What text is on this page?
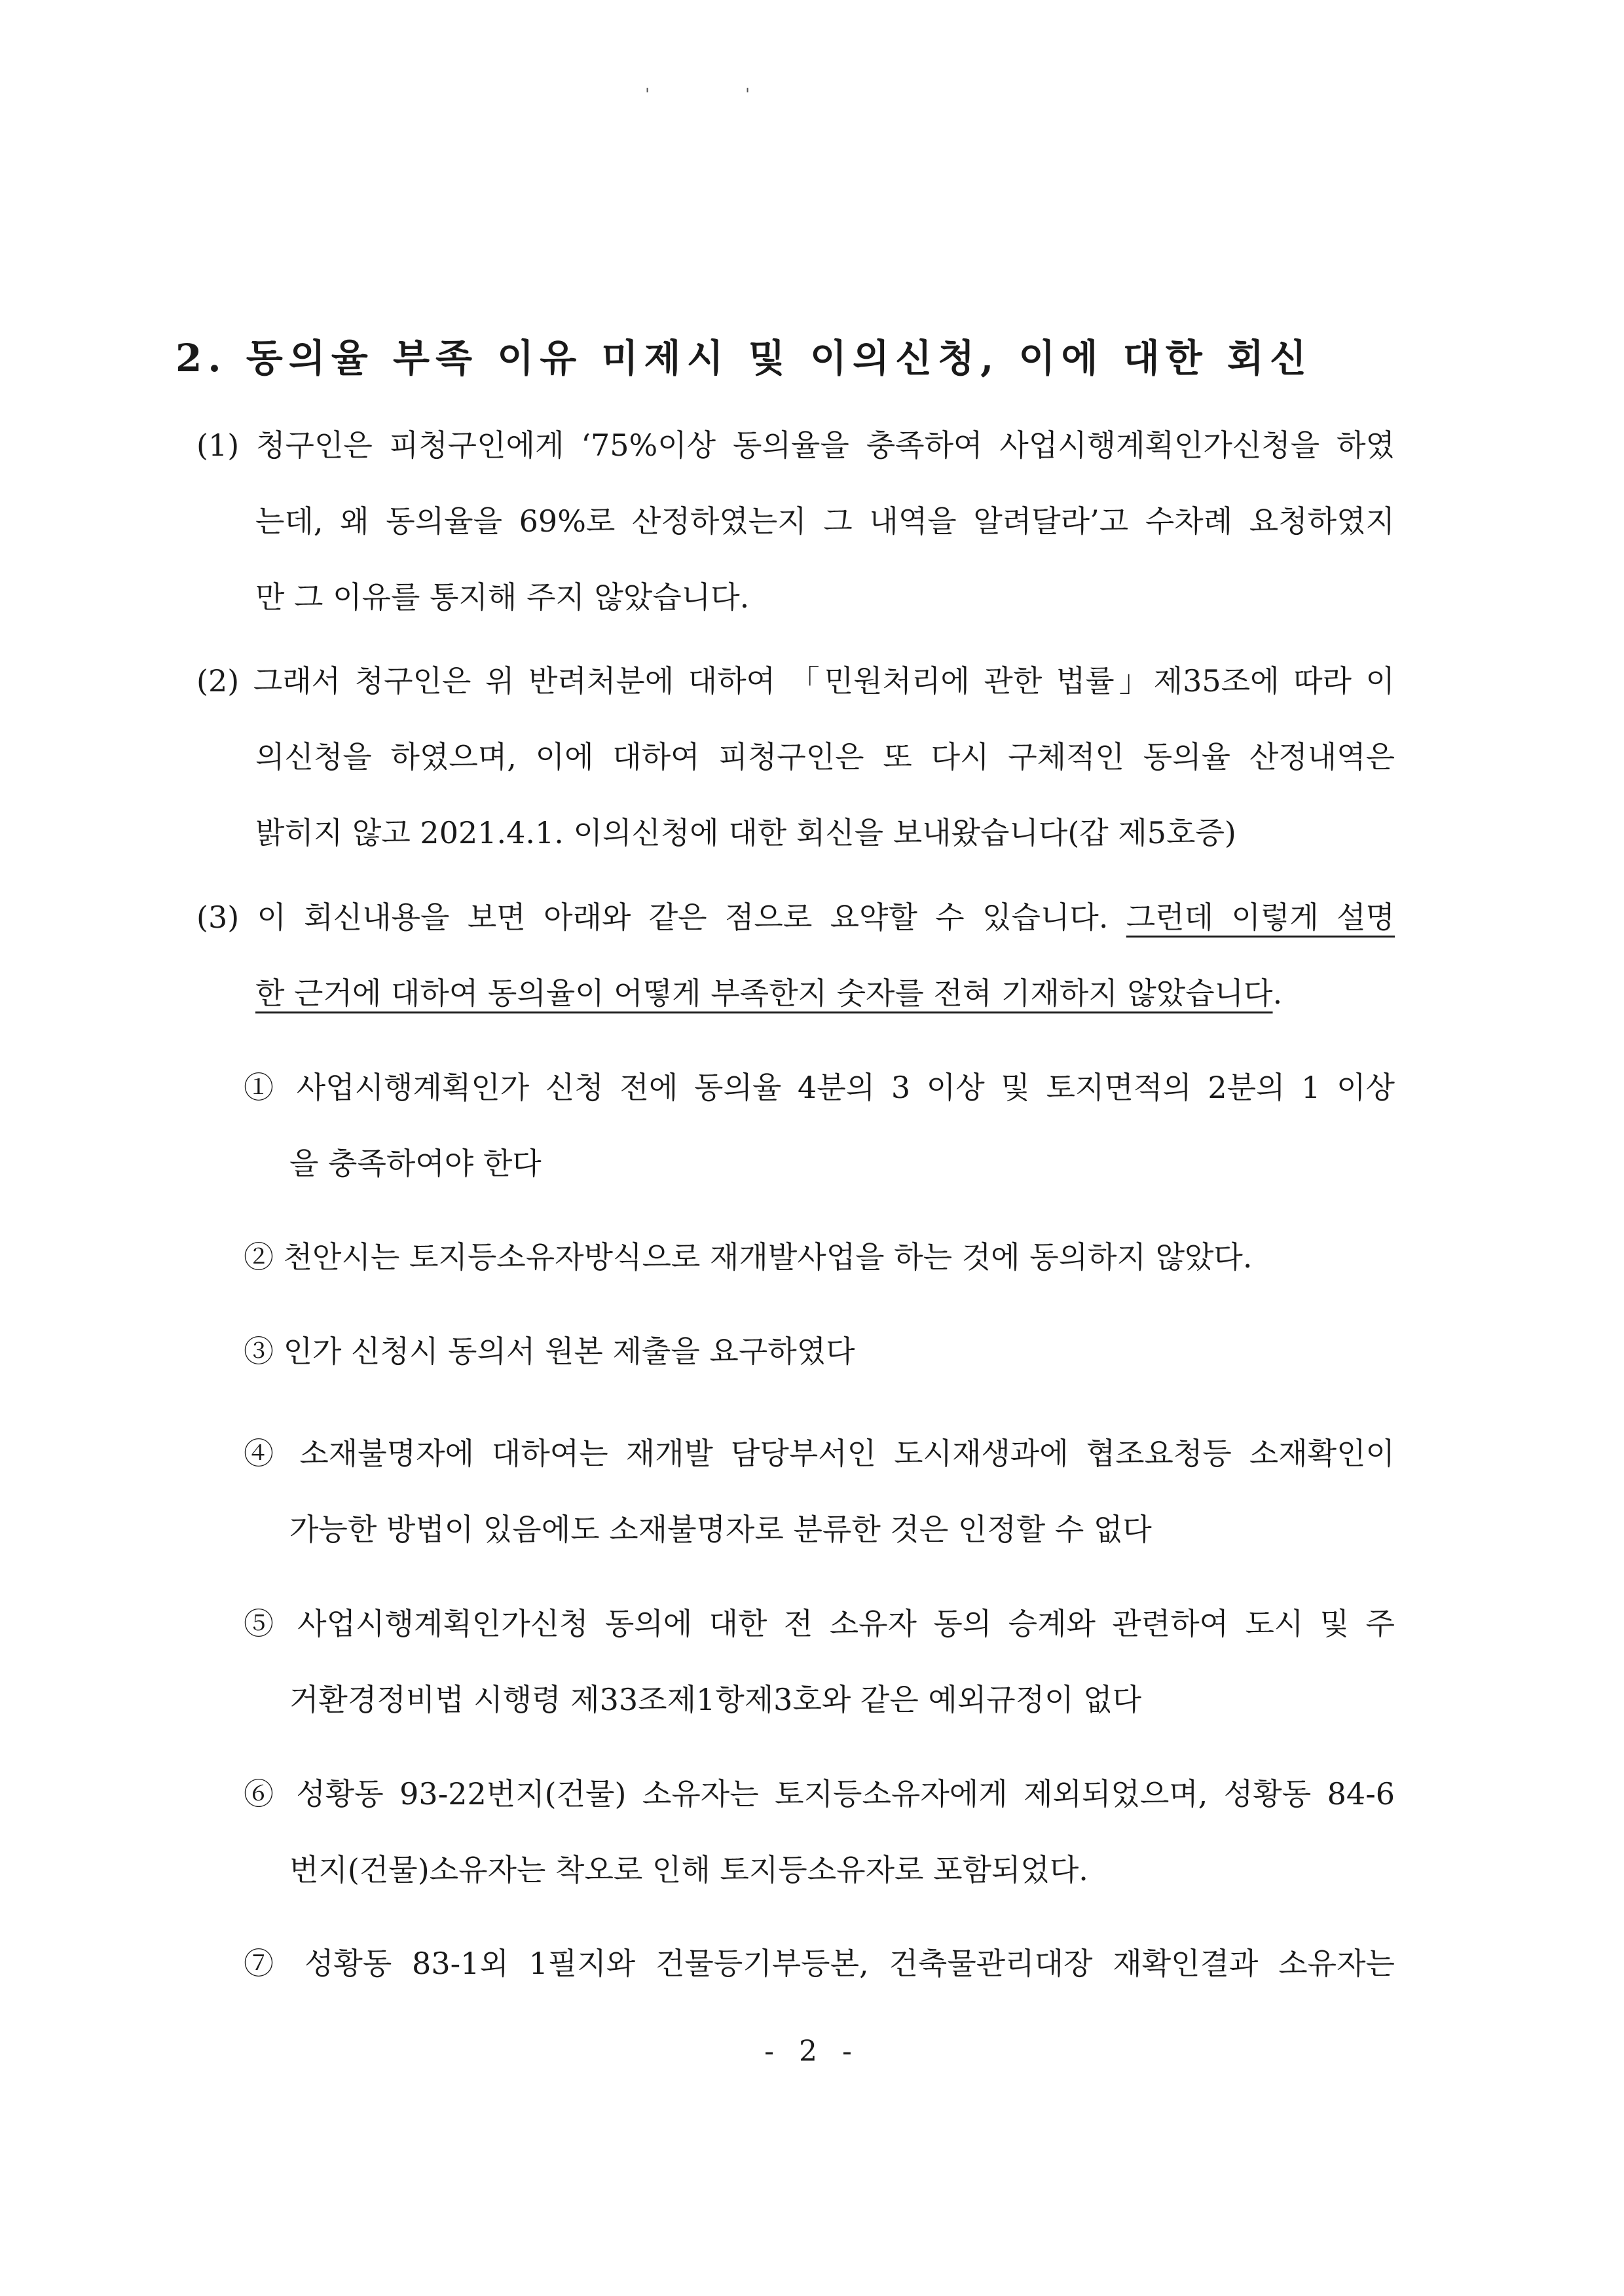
'	'
2. 동의율 부족 이유 미제시 및 이의신청, 이에 대한 회신
(1) 청구인은 피청구인에게 ‘75%이상 동의율을 충족하여 사업시행계획인가신청을 하였
는데, 왜 동의율을 69%로 산정하였는지 그 내역을 알려달라’고 수차례 요청하였지
만 그 이유를 통지해 주지 않았습니다.
(2) 그래서 청구인은 위 반려처분에 대하여 「민원처리에 관한 법률」제35조에 따라 이
의신청을 하였으며, 이에 대하여 피청구인은 또 다시 구체적인 동의율 산정내역은
밝히지 않고 2021.4.1. 이의신청에 대한 회신을 보내왔습니다(갑 제5호증)
(3) 이 회신내용을 보면 아래와 같은 점으로 요약할 수 있습니다. 그런데 이렇게 설명
한 근거에 대하여 동의율이 어떻게 부족한지 숫자를 전혀 기재하지 않았습니다.
① 사업시행계획인가 신청 전에 동의율 4분의 3 이상 및 토지면적의 2분의 1 이상
을 충족하여야 한다
② 천안시는 토지등소유자방식으로 재개발사업을 하는 것에 동의하지 않았다.
③ 인가 신청시 동의서 원본 제출을 요구하였다
④ 소재불명자에 대하여는 재개발 담당부서인 도시재생과에 협조요청등 소재확인이
가능한 방법이 있음에도 소재불명자로 분류한 것은 인정할 수 없다
⑤ 사업시행계획인가신청 동의에 대한 전 소유자 동의 승계와 관련하여 도시 및 주
거환경정비법 시행령 제33조제1항제3호와 같은 예외규정이 없다
⑥ 성황동 93-22번지(건물) 소유자는 토지등소유자에게 제외되었으며, 성황동 84-6
번지(건물)소유자는 착오로 인해 토지등소유자로 포함되었다.
⑦ 성황동 83-1외 1필지와 건물등기부등본, 건축물관리대장 재확인결과 소유자는
- 2 -
